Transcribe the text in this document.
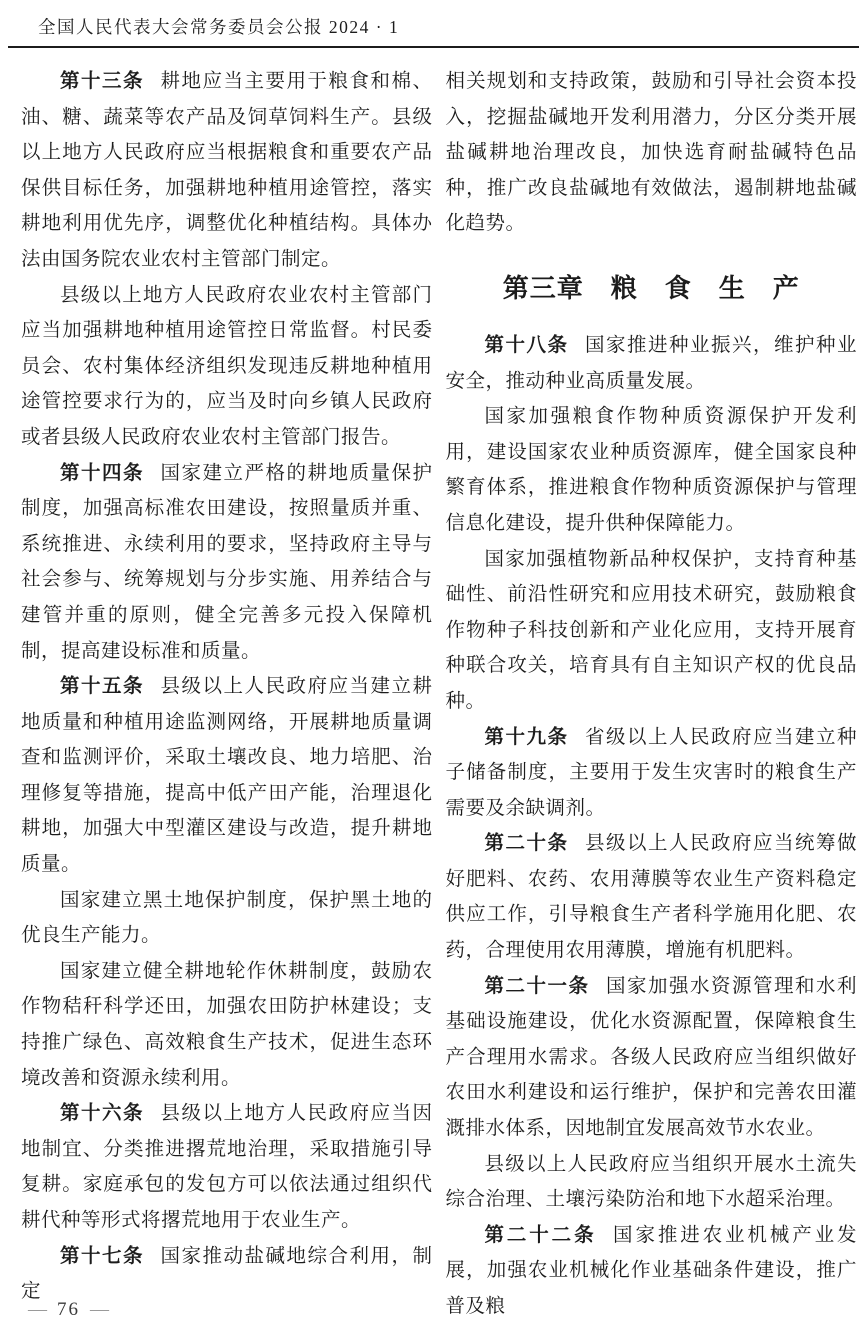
全国人民代表大会常务委员会公报 2024 · 1

第十三条 耕地应当主要用于粮食和棉、油、糖、蔬菜等农产品及饲草饲料生产。县级以上地方人民政府应当根据粮食和重要农产品保供目标任务，加强耕地种植用途管控，落实耕地利用优先序，调整优化种植结构。具体办法由国务院农业农村主管部门制定。

县级以上地方人民政府农业农村主管部门应当加强耕地种植用途管控日常监督。村民委员会、农村集体经济组织发现违反耕地种植用途管控要求行为的，应当及时向乡镇人民政府或者县级人民政府农业农村主管部门报告。

第十四条 国家建立严格的耕地质量保护制度，加强高标准农田建设，按照量质并重、系统推进、永续利用的要求，坚持政府主导与社会参与、统筹规划与分步实施、用养结合与建管并重的原则，健全完善多元投入保障机制，提高建设标准和质量。

第十五条 县级以上人民政府应当建立耕地质量和种植用途监测网络，开展耕地质量调查和监测评价，采取土壤改良、地力培肥、治理修复等措施，提高中低产田产能，治理退化耕地，加强大中型灌区建设与改造，提升耕地质量。

国家建立黑土地保护制度，保护黑土地的优良生产能力。

国家建立健全耕地轮作休耕制度，鼓励农作物秸秆科学还田，加强农田防护林建设；支持推广绿色、高效粮食生产技术，促进生态环境改善和资源永续利用。

第十六条 县级以上地方人民政府应当因地制宜、分类推进撂荒地治理，采取措施引导复耕。家庭承包的发包方可以依法通过组织代耕代种等形式将撂荒地用于农业生产。

第十七条 国家推动盐碱地综合利用，制定

相关规划和支持政策，鼓励和引导社会资本投入，挖掘盐碱地开发利用潜力，分区分类开展盐碱耕地治理改良，加快选育耐盐碱特色品种，推广改良盐碱地有效做法，遏制耕地盐碱化趋势。

第三章　粮　食　生　产

第十八条 国家推进种业振兴，维护种业安全，推动种业高质量发展。

国家加强粮食作物种质资源保护开发利用，建设国家农业种质资源库，健全国家良种繁育体系，推进粮食作物种质资源保护与管理信息化建设，提升供种保障能力。

国家加强植物新品种权保护，支持育种基础性、前沿性研究和应用技术研究，鼓励粮食作物种子科技创新和产业化应用，支持开展育种联合攻关，培育具有自主知识产权的优良品种。

第十九条 省级以上人民政府应当建立种子储备制度，主要用于发生灾害时的粮食生产需要及余缺调剂。

第二十条 县级以上人民政府应当统筹做好肥料、农药、农用薄膜等农业生产资料稳定供应工作，引导粮食生产者科学施用化肥、农药，合理使用农用薄膜，增施有机肥料。

第二十一条 国家加强水资源管理和水利基础设施建设，优化水资源配置，保障粮食生产合理用水需求。各级人民政府应当组织做好农田水利建设和运行维护，保护和完善农田灌溉排水体系，因地制宜发展高效节水农业。

县级以上人民政府应当组织开展水土流失综合治理、土壤污染防治和地下水超采治理。

第二十二条 国家推进农业机械产业发展，加强农业机械化作业基础条件建设，推广普及粮

— 76 —
